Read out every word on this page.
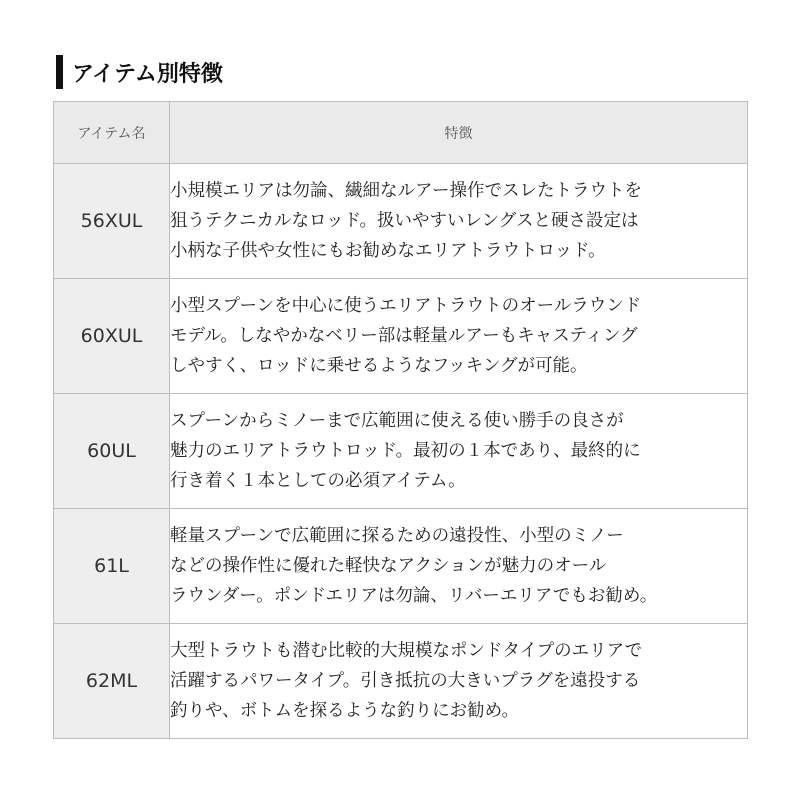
アイテム別特徴
アイテム名	特徴
56XUL	小規模エリアは勿論、繊細なルアー操作でスレたトラウトを
狙うテクニカルなロッド。扱いやすいレングスと硬さ設定は
小柄な子供や女性にもお勧めなエリアトラウトロッド。

60XUL	小型スプーンを中心に使うエリアトラウトのオールラウンド
モデル。しなやかなベリー部は軽量ルアーもキャスティング
しやすく、ロッドに乗せるようなフッキングが可能。

60UL	スプーンからミノーまで広範囲に使える使い勝手の良さが
魅力のエリアトラウトロッド。最初の１本であり、最終的に
行き着く１本としての必須アイテム。

61L	軽量スプーンで広範囲に探るための遠投性、小型のミノー
などの操作性に優れた軽快なアクションが魅力のオール
ラウンダー。ポンドエリアは勿論、リバーエリアでもお勧め。

62ML	大型トラウトも潜む比較的大規模なポンドタイプのエリアで
活躍するパワータイプ。引き抵抗の大きいプラグを遠投する
釣りや、ボトムを探るような釣りにお勧め。
